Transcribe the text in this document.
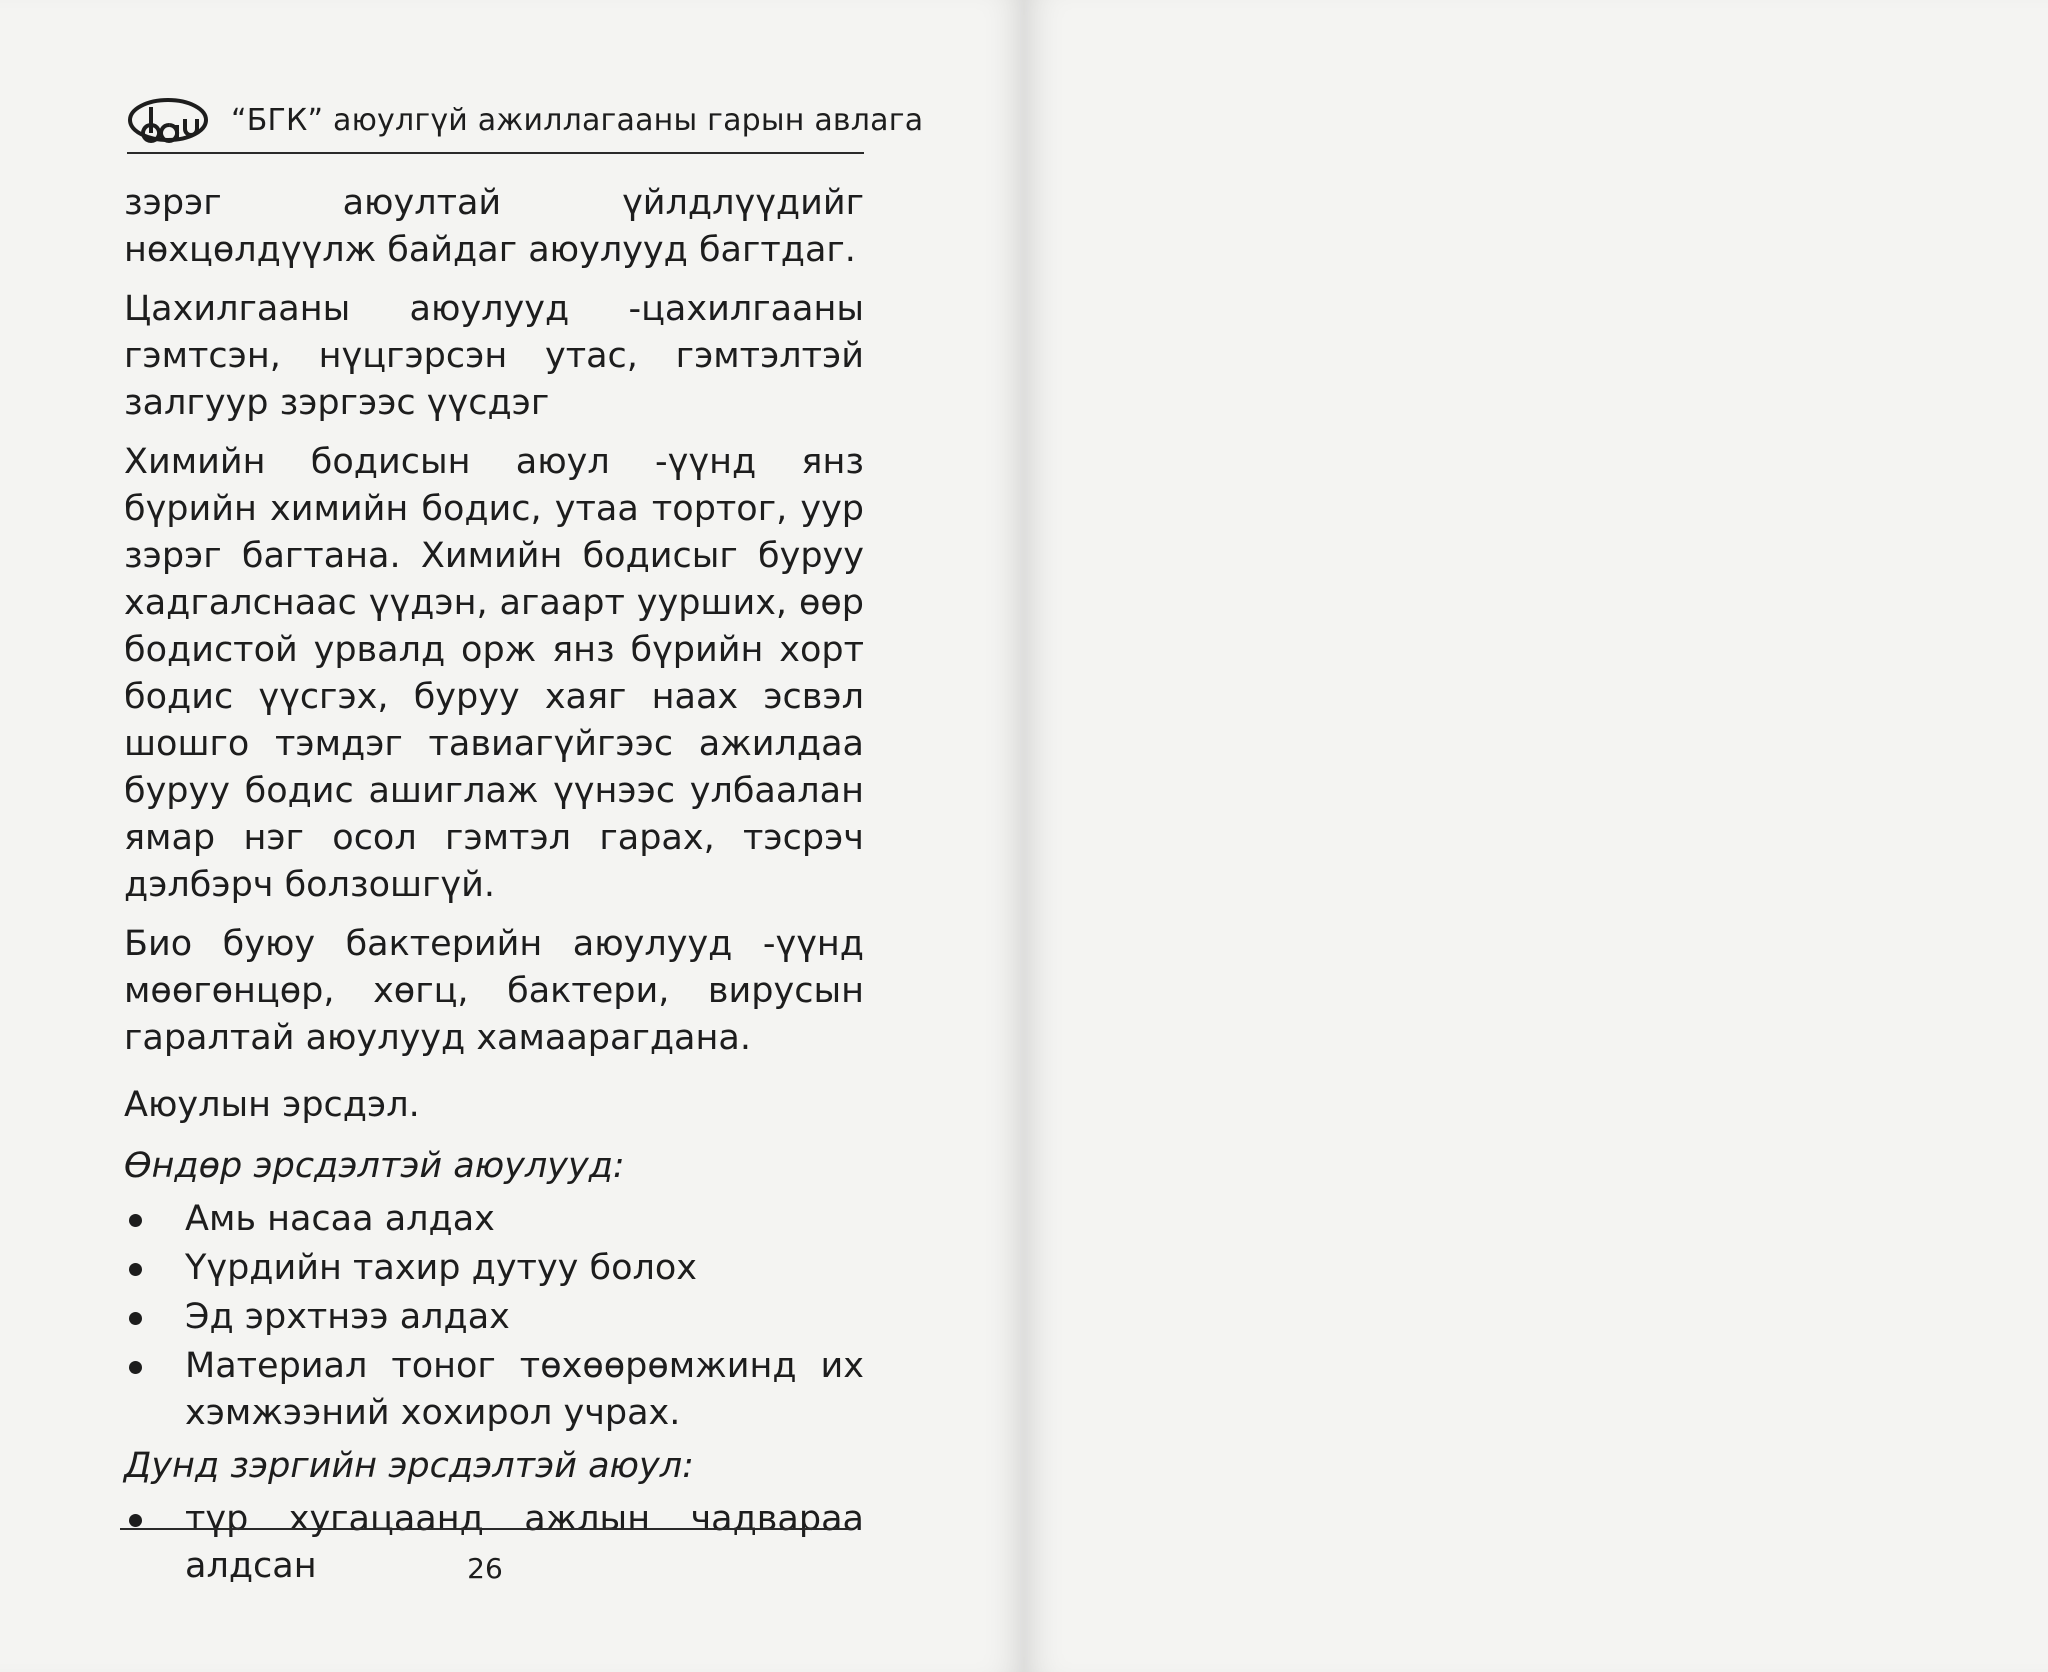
“БГК” аюулгүй ажиллагааны гарын авлага

зэрэг аюултай үйлдлүүдийг нөхцөлдүүлж байдаг аюулууд багтдаг.

Цахилгааны аюулууд -цахилгааны гэмтсэн, нүцгэрсэн утас, гэмтэлтэй залгуур зэргээс үүсдэг

Химийн бодисын аюул -үүнд янз бүрийн химийн бодис, утаа тортог, уур зэрэг багтана. Химийн бодисыг буруу хадгалснаас үүдэн, агаарт ууршиx, өөр бодистой урвалд орж янз бүрийн хорт бодис үүсгэх, буруу хаяг наах эсвэл шошго тэмдэг тавиагүйгээс ажилдаа буруу бодис ашиглаж үүнээс улбаалан ямар нэг осол гэмтэл гарах, тэсрэч дэлбэрч болзошгүй.

Био буюу бактерийн аюулууд -үүнд мөөгөнцөр, хөгц, бактери, вирусын гаралтай аюулууд хамаарагдана.

Аюулын эрсдэл.
Өндөр эрсдэлтэй аюулууд:
Амь насаа алдах
Үүрдийн тахир дутуу болох
Эд эрхтнээ алдах
Материал тоног төхөөрөмжинд их хэмжээний хохирол учрах.
Дунд зэргийн эрсдэлтэй аюул:
түр хугацаанд ажлын чадвараа алдсан	26
